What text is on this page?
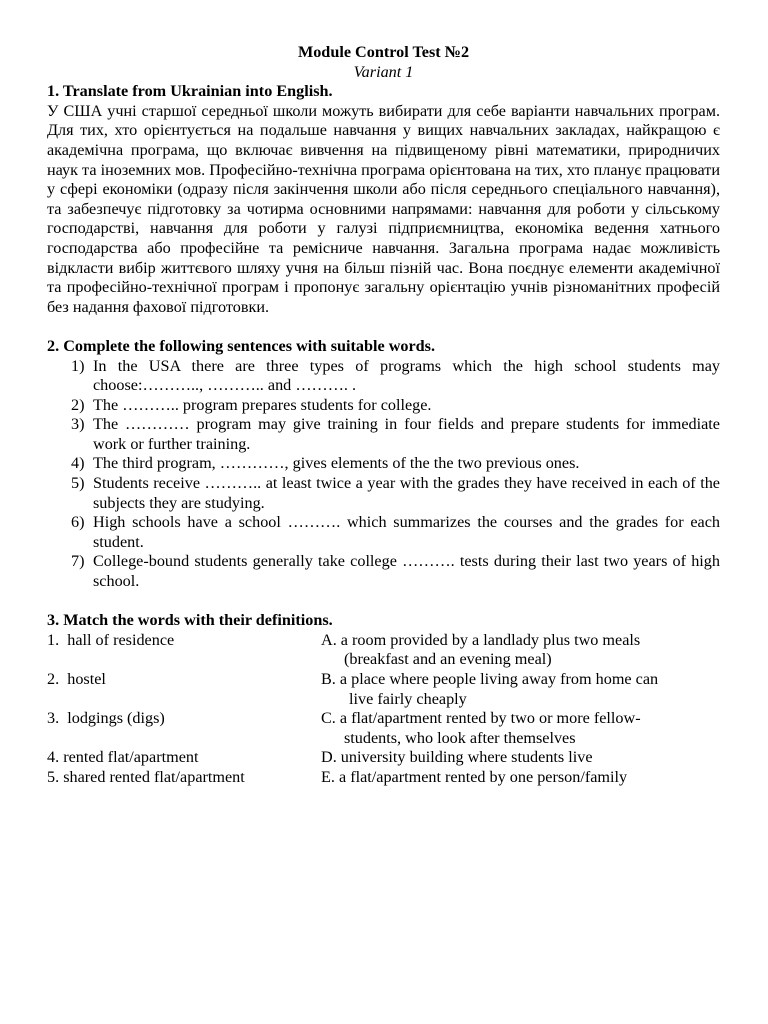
Module Control Test №2

Variant 1

1. Translate from Ukrainian into English.

У США учні старшої середньої школи можуть вибирати для себе варіанти навчальних програм. Для тих, хто орієнтується на подальше навчання у вищих навчальних закладах, найкращою є академічна програма, що включає вивчення на підвищеному рівні математики, природничих наук та іноземних мов. Професійно-технічна програма орієнтована на тих, хто планує працювати у сфері економіки (одразу після закінчення школи або після середнього спеціального навчання), та забезпечує підготовку за чотирма основними напрямами: навчання для роботи у сільському господарстві, навчання для роботи у галузі підприємництва, економіка ведення хатнього господарства або професійне та ремісниче навчання. Загальна програма надає можливість відкласти вибір життєвого шляху учня на більш пізній час. Вона поєднує елементи академічної та професійно-технічної програм і пропонує загальну орієнтацію учнів різноманітних професій без надання фахової підготовки.

2. Complete the following sentences with suitable words.

1) In the USA there are three types of programs which the high school students may choose:……….., ……….. and ………. .
2) The ……….. program prepares students for college.
3) The ………… program may give training in four fields and prepare students for immediate work or further training.
4) The third program, …………, gives elements of the the two previous ones.
5) Students receive ……….. at least twice a year with the grades they have received in each of the subjects they are studying.
6) High schools have a school ………. which summarizes the courses and the grades for each student.
7) College-bound students generally take college ………. tests during their last two years of high school.

3. Match the words with their definitions.

1.  hall of residence	A. a room provided by a landlady plus two meals
(breakfast and an evening meal)
2.  hostel	B. a place where people living away from home can
live fairly cheaply
3.  lodgings (digs)	C. a flat/apartment rented by two or more fellow-
students, who look after themselves
4. rented flat/apartment	D. university building where students live
5. shared rented flat/apartment	E. a flat/apartment rented by one person/family
